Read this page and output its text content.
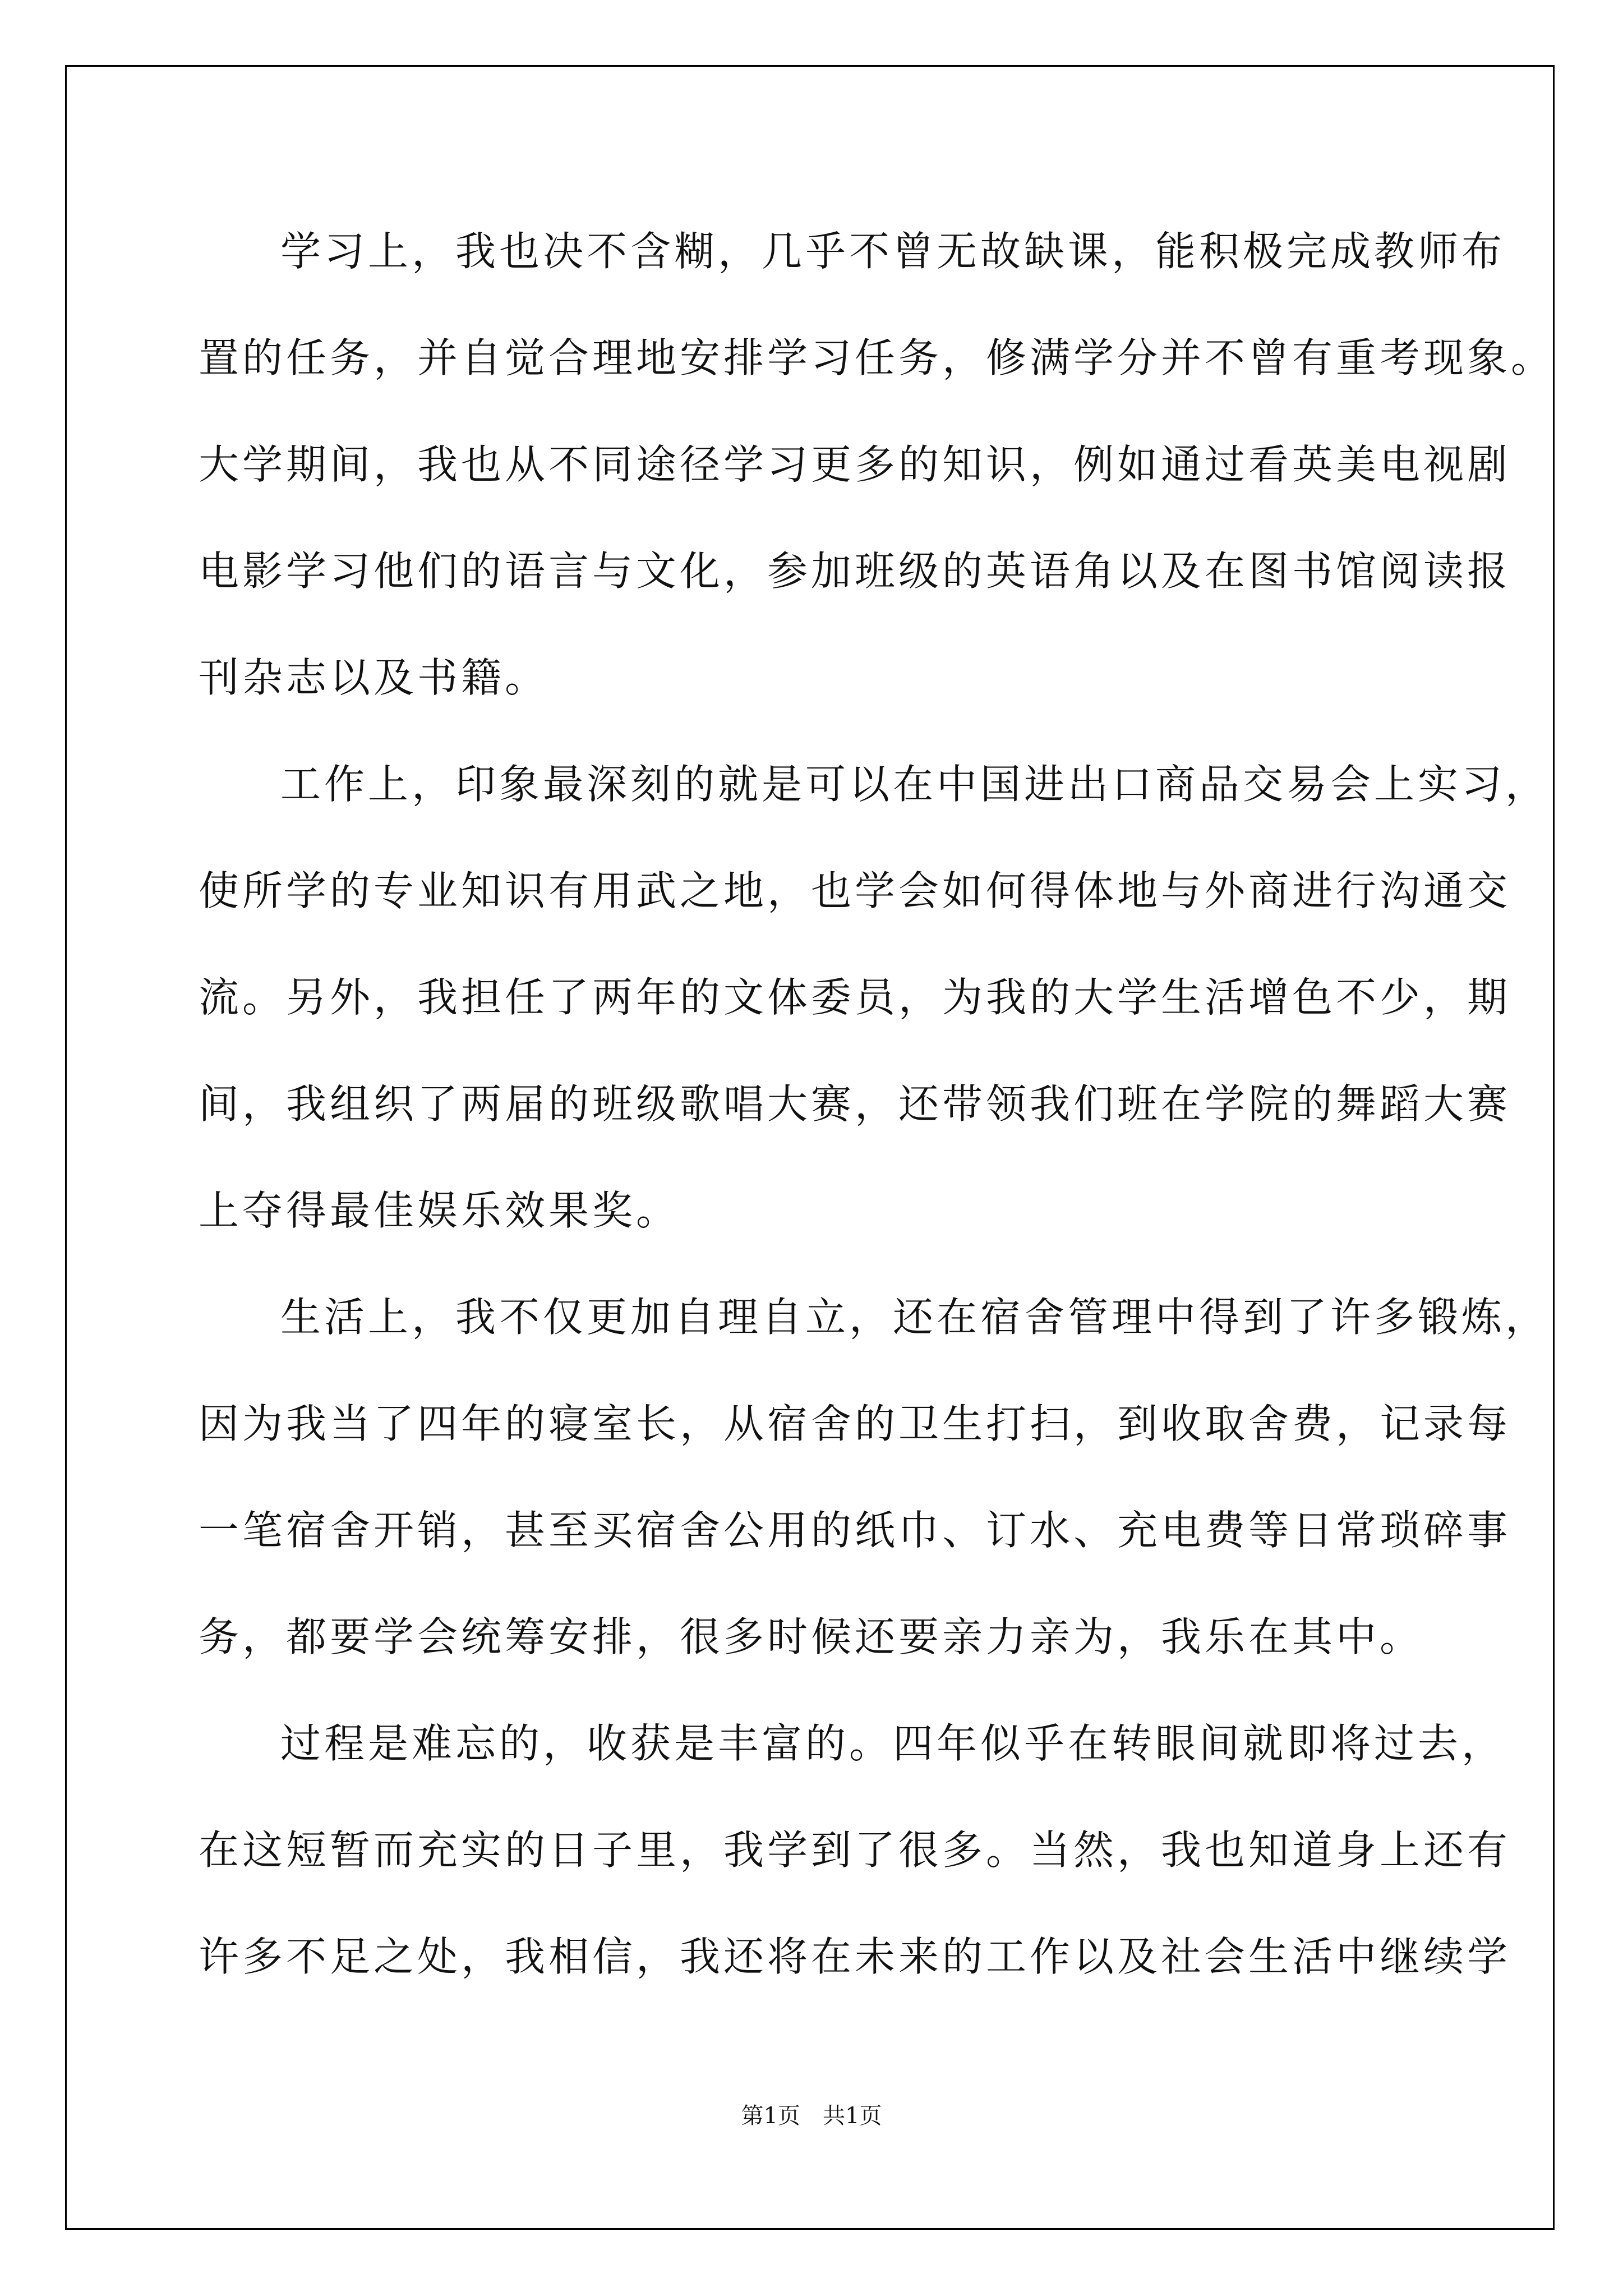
学习上，我也决不含糊，几乎不曾无故缺课，能积极完成教师布
置的任务，并自觉合理地安排学习任务，修满学分并不曾有重考现象。
大学期间，我也从不同途径学习更多的知识，例如通过看英美电视剧
电影学习他们的语言与文化，参加班级的英语角以及在图书馆阅读报
刊杂志以及书籍。
工作上，印象最深刻的就是可以在中国进出口商品交易会上实习，
使所学的专业知识有用武之地，也学会如何得体地与外商进行沟通交
流。另外，我担任了两年的文体委员，为我的大学生活增色不少，期
间，我组织了两届的班级歌唱大赛，还带领我们班在学院的舞蹈大赛
上夺得最佳娱乐效果奖。
生活上，我不仅更加自理自立，还在宿舍管理中得到了许多锻炼，
因为我当了四年的寝室长，从宿舍的卫生打扫，到收取舍费，记录每
一笔宿舍开销，甚至买宿舍公用的纸巾、订水、充电费等日常琐碎事
务，都要学会统筹安排，很多时候还要亲力亲为，我乐在其中。
过程是难忘的，收获是丰富的。四年似乎在转眼间就即将过去，
在这短暂而充实的日子里，我学到了很多。当然，我也知道身上还有
许多不足之处，我相信，我还将在未来的工作以及社会生活中继续学
第1页　共1页
